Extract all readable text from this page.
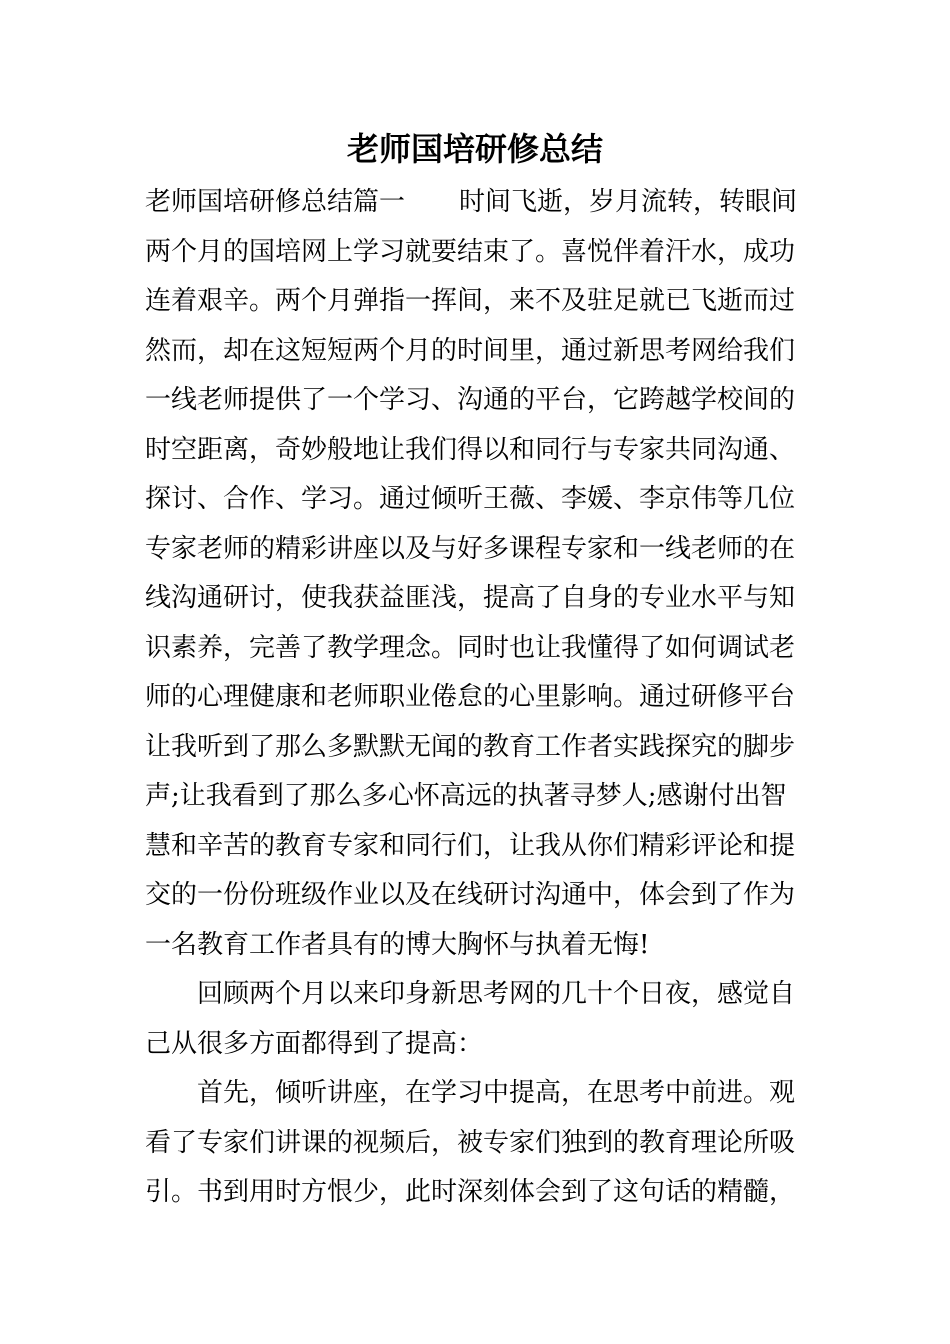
老师国培研修总结
老师国培研修总结篇一 时间飞逝，岁月流转，转眼间
两个月的国培网上学习就要结束了。喜悦伴着汗水，成功
连着艰辛。两个月弹指一挥间，来不及驻足就已飞逝而过
然而，却在这短短两个月的时间里，通过新思考网给我们
一线老师提供了一个学习、沟通的平台，它跨越学校间的
时空距离，奇妙般地让我们得以和同行与专家共同沟通、
探讨、合作、学习。通过倾听王薇、李媛、李京伟等几位
专家老师的精彩讲座以及与好多课程专家和一线老师的在
线沟通研讨，使我获益匪浅，提高了自身的专业水平与知
识素养，完善了教学理念。同时也让我懂得了如何调试老
师的心理健康和老师职业倦怠的心里影响。通过研修平台
让我听到了那么多默默无闻的教育工作者实践探究的脚步
声;让我看到了那么多心怀高远的执著寻梦人;感谢付出智
慧和辛苦的教育专家和同行们，让我从你们精彩评论和提
交的一份份班级作业以及在线研讨沟通中，体会到了作为
一名教育工作者具有的博大胸怀与执着无悔!
回顾两个月以来印身新思考网的几十个日夜，感觉自
己从很多方面都得到了提高：
首先，倾听讲座，在学习中提高，在思考中前进。观
看了专家们讲课的视频后，被专家们独到的教育理论所吸
引。书到用时方恨少，此时深刻体会到了这句话的精髓，
